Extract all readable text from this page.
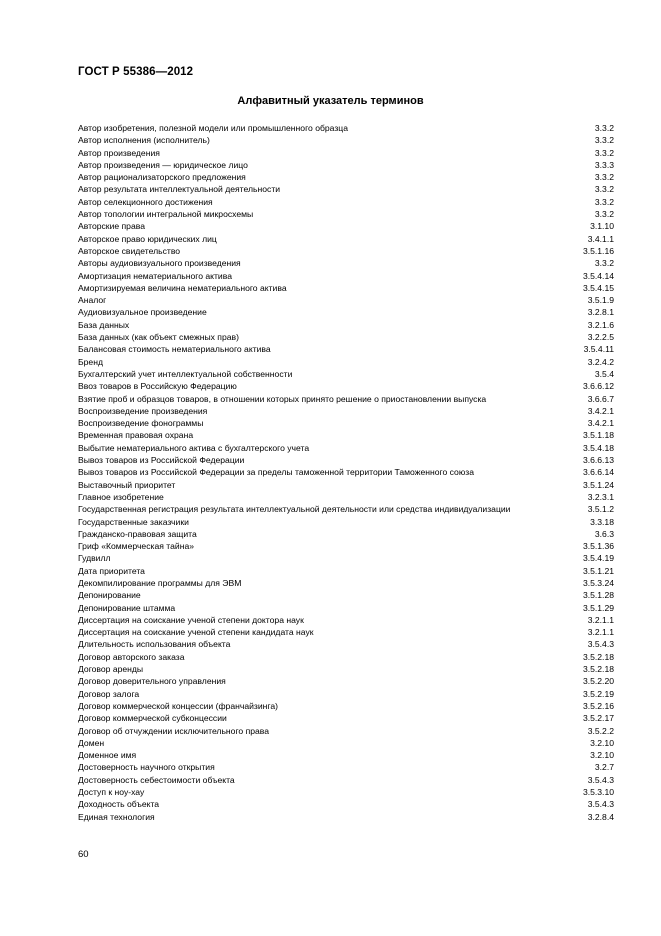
ГОСТ Р 55386—2012
Алфавитный указатель терминов
Автор изобретения, полезной модели или промышленного образца	3.3.2
Автор исполнения (исполнитель)	3.3.2
Автор произведения	3.3.2
Автор произведения — юридическое лицо	3.3.3
Автор рационализаторского предложения	3.3.2
Автор результата интеллектуальной деятельности	3.3.2
Автор селекционного достижения	3.3.2
Автор топологии интегральной микросхемы	3.3.2
Авторские права	3.1.10
Авторское право юридических лиц	3.4.1.1
Авторское свидетельство	3.5.1.16
Авторы аудиовизуального произведения	3.3.2
Амортизация нематериального актива	3.5.4.14
Амортизируемая величина нематериального актива	3.5.4.15
Аналог	3.5.1.9
Аудиовизуальное произведение	3.2.8.1
База данных	3.2.1.6
База данных (как объект смежных прав)	3.2.2.5
Балансовая стоимость нематериального актива	3.5.4.11
Бренд	3.2.4.2
Бухгалтерский учет интеллектуальной собственности	3.5.4
Ввоз товаров в Российскую Федерацию	3.6.6.12
Взятие проб и образцов товаров, в отношении которых принято решение о приостановлении выпуска	3.6.6.7
Воспроизведение произведения	3.4.2.1
Воспроизведение фонограммы	3.4.2.1
Временная правовая охрана	3.5.1.18
Выбытие нематериального актива с бухгалтерского учета	3.5.4.18
Вывоз товаров из Российской Федерации	3.6.6.13
Вывоз товаров из Российской Федерации за пределы таможенной территории Таможенного союза	3.6.6.14
Выставочный приоритет	3.5.1.24
Главное изобретение	3.2.3.1
Государственная регистрация результата интеллектуальной деятельности или средства индивидуализации	3.5.1.2
Государственные заказчики	3.3.18
Гражданско-правовая защита	3.6.3
Гриф «Коммерческая тайна»	3.5.1.36
Гудвилл	3.5.4.19
Дата приоритета	3.5.1.21
Декомпилирование программы для ЭВМ	3.5.3.24
Депонирование	3.5.1.28
Депонирование штамма	3.5.1.29
Диссертация на соискание ученой степени доктора наук	3.2.1.1
Диссертация на соискание ученой степени кандидата наук	3.2.1.1
Длительность использования объекта	3.5.4.3
Договор авторского заказа	3.5.2.18
Договор аренды	3.5.2.18
Договор доверительного управления	3.5.2.20
Договор залога	3.5.2.19
Договор коммерческой концессии (франчайзинга)	3.5.2.16
Договор коммерческой субконцессии	3.5.2.17
Договор об отчуждении исключительного права	3.5.2.2
Домен	3.2.10
Доменное имя	3.2.10
Достоверность научного открытия	3.2.7
Достоверность себестоимости объекта	3.5.4.3
Доступ к ноу-хау	3.5.3.10
Доходность объекта	3.5.4.3
Единая технология	3.2.8.4
60
